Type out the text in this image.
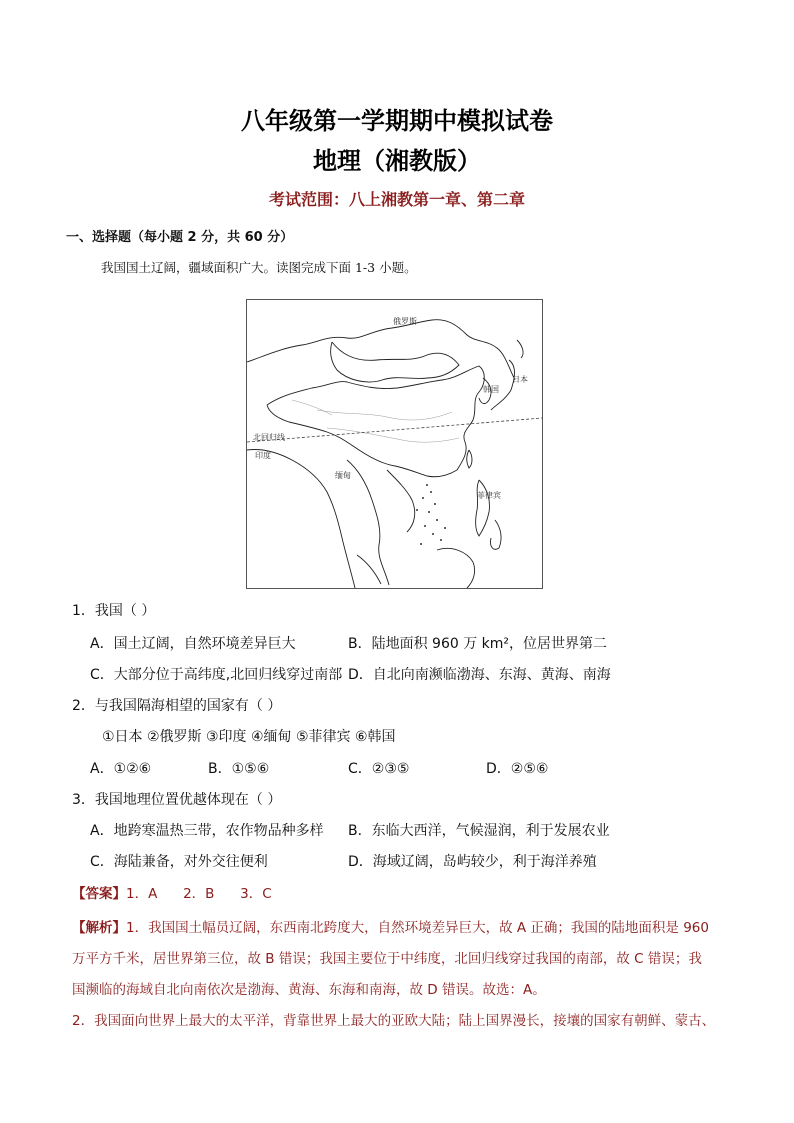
八年级第一学期期中模拟试卷
地理（湘教版）
考试范围：八上湘教第一章、第二章
一、选择题（每小题 2 分，共 60 分）
我国国土辽阔，疆域面积广大。读图完成下面 1-3 小题。
俄罗斯
日本
韩国
北回归线
印度
缅甸
菲律宾
1．我国（ ）
A．国土辽阔，自然环境差异巨大	B．陆地面积 960 万 km²，位居世界第二
C．大部分位于高纬度,北回归线穿过南部 D．自北向南濒临渤海、东海、黄海、南海
2．与我国隔海相望的国家有（ ）
①日本 ②俄罗斯 ③印度 ④缅甸 ⑤菲律宾 ⑥韩国
A．①②⑥	B．①⑤⑥	C．②③⑤	D．②⑤⑥
3．我国地理位置优越体现在（ ）
A．地跨寒温热三带，农作物品种多样 B．东临大西洋，气候湿润，利于发展农业
C．海陆兼备，对外交往便利	D．海域辽阔，岛屿较少，利于海洋养殖
【答案】1．A      2．B      3．C
【解析】1．我国国土幅员辽阔，东西南北跨度大，自然环境差异巨大，故 A 正确；我国的陆地面积是 960
万平方千米，居世界第三位，故 B 错误；我国主要位于中纬度，北回归线穿过我国的南部，故 C 错误；我
国濒临的海域自北向南依次是渤海、黄海、东海和南海，故 D 错误。故选：A。
2．我国面向世界上最大的太平洋，背靠世界上最大的亚欧大陆；陆上国界漫长，接壤的国家有朝鲜、蒙古、
